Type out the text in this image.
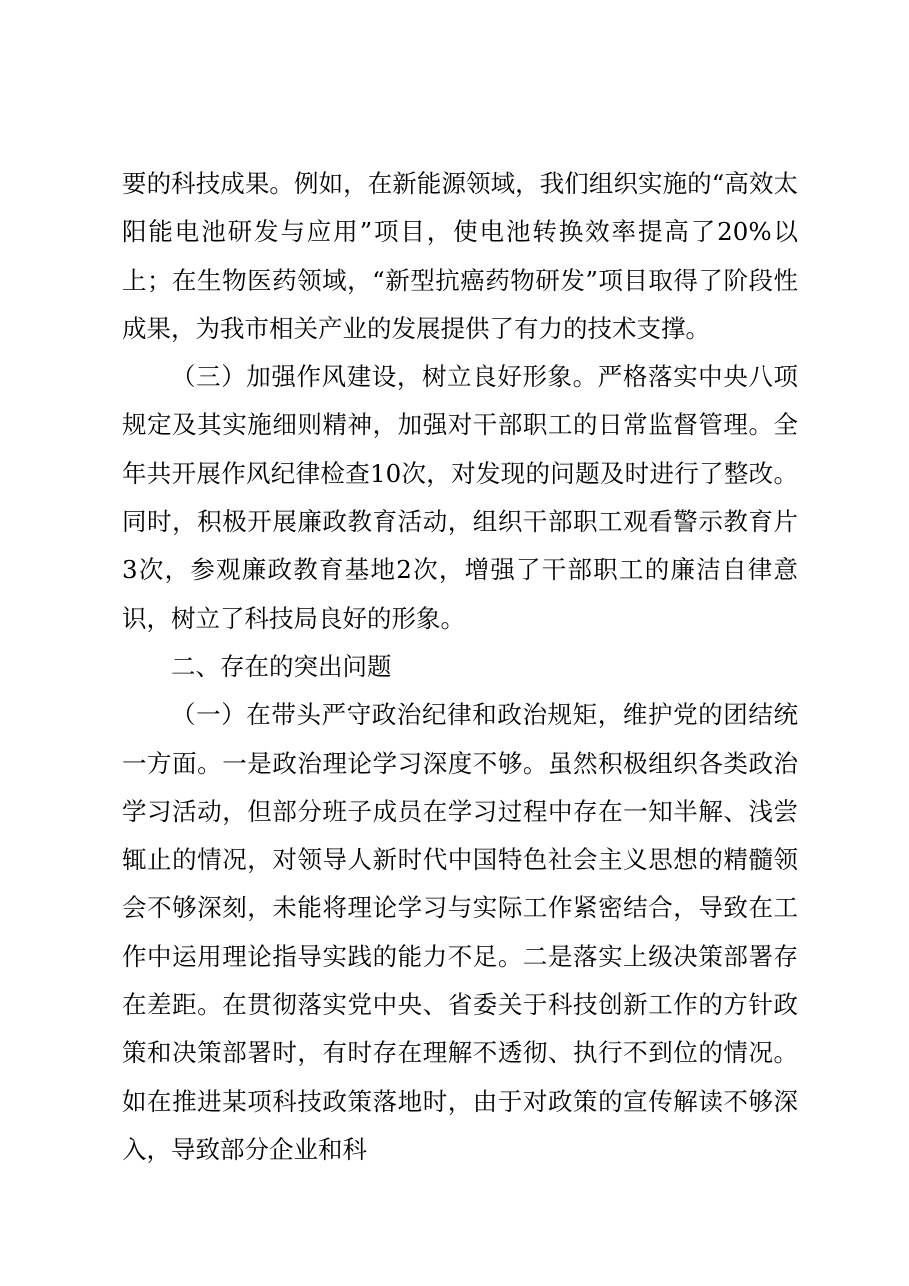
要的科技成果。例如，在新能源领域，我们组织实施的“高效太阳能电池研发与应用”项目，使电池转换效率提高了20%以上；在生物医药领域，“新型抗癌药物研发”项目取得了阶段性成果，为我市相关产业的发展提供了有力的技术支撑。

（三）加强作风建设，树立良好形象。严格落实中央八项规定及其实施细则精神，加强对干部职工的日常监督管理。全年共开展作风纪律检查10次，对发现的问题及时进行了整改。同时，积极开展廉政教育活动，组织干部职工观看警示教育片3次，参观廉政教育基地2次，增强了干部职工的廉洁自律意识，树立了科技局良好的形象。

二、存在的突出问题

（一）在带头严守政治纪律和政治规矩，维护党的团结统一方面。一是政治理论学习深度不够。虽然积极组织各类政治学习活动，但部分班子成员在学习过程中存在一知半解、浅尝辄止的情况，对领导人新时代中国特色社会主义思想的精髓领会不够深刻，未能将理论学习与实际工作紧密结合，导致在工作中运用理论指导实践的能力不足。二是落实上级决策部署存在差距。在贯彻落实党中央、省委关于科技创新工作的方针政策和决策部署时，有时存在理解不透彻、执行不到位的情况。如在推进某项科技政策落地时，由于对政策的宣传解读不够深入，导致部分企业和科
